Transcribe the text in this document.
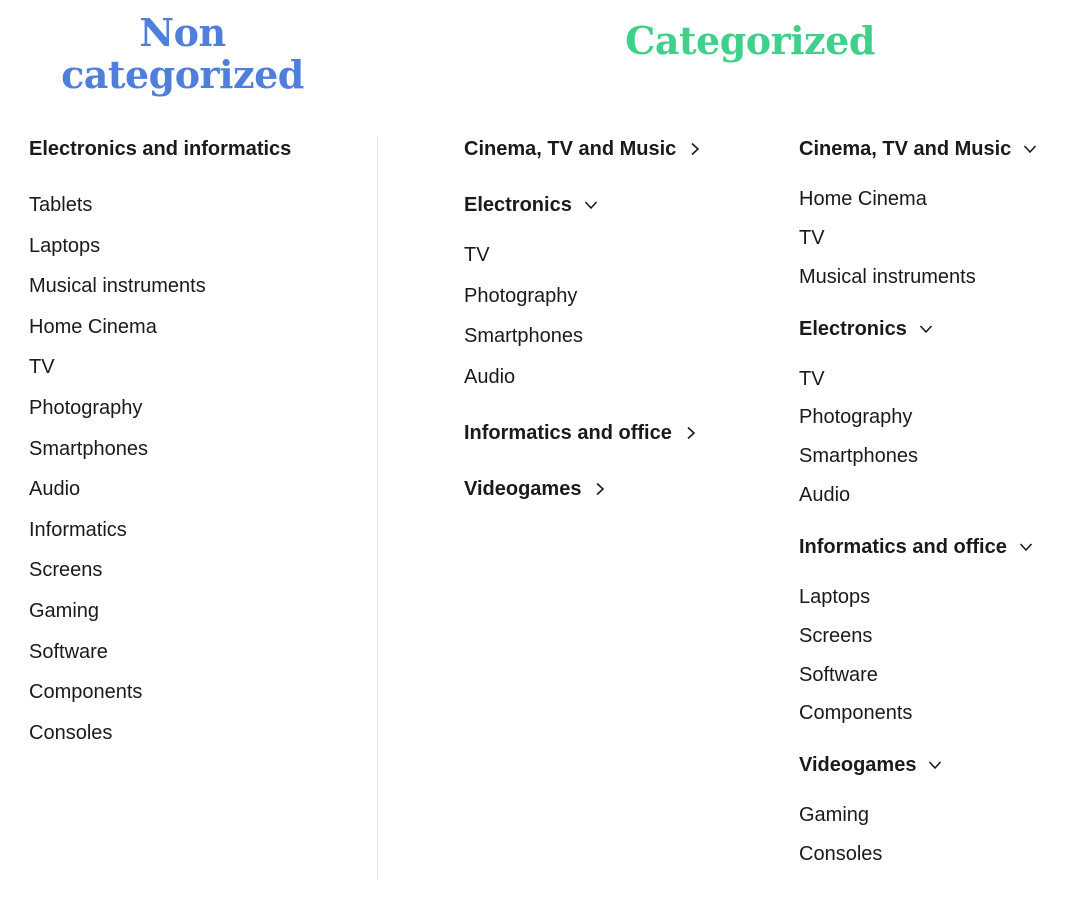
Non categorized
Categorized
Electronics and informatics
Tablets
Laptops
Musical instruments
Home Cinema
TV
Photography
Smartphones
Audio
Informatics
Screens
Gaming
Software
Components
Consoles
Cinema, TV and Music
Electronics
TV
Photography
Smartphones
Audio
Informatics and office
Videogames
Cinema, TV and Music
Home Cinema
TV
Musical instruments
Electronics
TV
Photography
Smartphones
Audio
Informatics and office
Laptops
Screens
Software
Components
Videogames
Gaming
Consoles
